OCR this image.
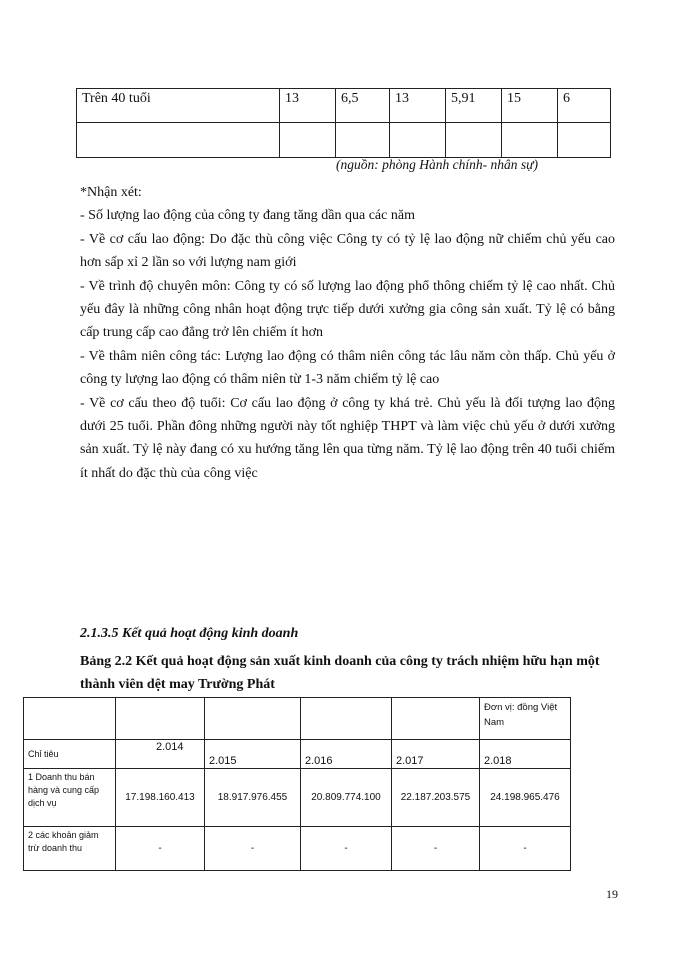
Trên 40 tuổi	13	6,5	13	5,91	15	6

(nguồn: phòng Hành chính- nhân sự)

*Nhận xét:

- Số lượng lao động của công ty đang tăng dần qua các năm

- Về cơ cấu lao động: Do đặc thù công việc Công ty có tỷ lệ lao động nữ chiếm chủ yếu cao hơn sấp xỉ 2 lần so với lượng nam giới

- Về trình độ chuyên môn: Công ty có số lượng lao động phổ thông chiếm tỷ lệ cao nhất. Chủ yếu đây là những công nhân hoạt động trực tiếp dưới xưởng gia công sản xuất. Tỷ lệ có bằng cấp trung cấp cao đẳng trở lên chiếm ít hơn

- Về thâm niên công tác: Lượng lao động có thâm niên công tác lâu năm còn thấp. Chủ yếu ở công ty lượng lao động có thâm niên từ 1-3 năm chiếm tỷ lệ cao

- Về cơ cấu theo độ tuổi: Cơ cấu lao động ở công ty khá trẻ. Chủ yếu là đối tượng lao động dưới 25 tuổi. Phần đông những người này tốt nghiệp THPT và làm việc chủ yếu ở dưới xưởng sản xuất. Tỷ lệ này đang có xu hướng tăng lên qua từng năm. Tỷ lệ lao động trên 40 tuổi chiếm ít nhất do đặc thù của công việc

2.1.3.5 Kết quả hoạt động kinh doanh
Bảng 2.2 Kết quả hoạt động sản xuất kinh doanh của công ty trách nhiệm hữu hạn một thành viên dệt may Trường Phát
					Đơn vị: đồng Việt Nam
Chỉ tiêu	2.014	2.015	2.016	2.017	2.018
1 Doanh thu bán hàng và cung cấp dịch vụ	17.198.160.413	18.917.976.455	20.809.774.100	22.187.203.575	24.198.965.476
2 các khoản giảm trừ doanh thu	-	-	-	-	-
19
